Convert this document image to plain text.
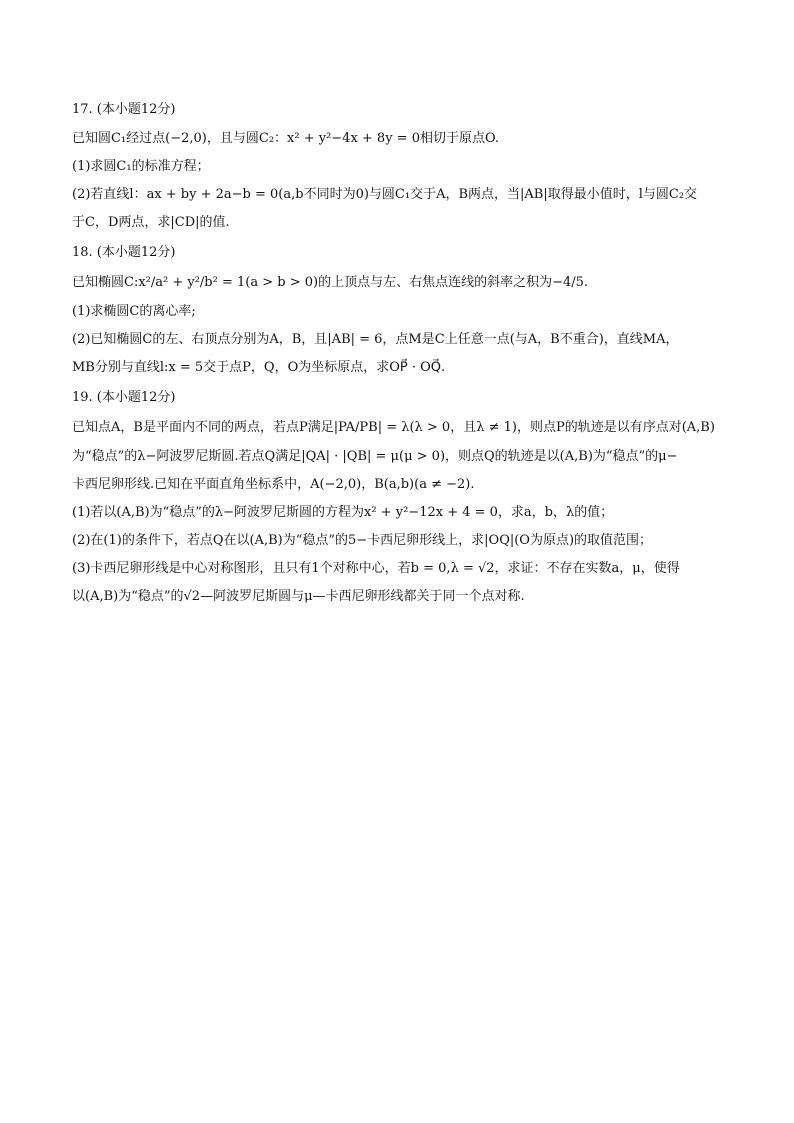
17. (本小题12分)

已知圆C₁经过点(−2,0)，且与圆C₂：x² + y²−4x + 8y = 0相切于原点O.

(1)求圆C₁的标准方程；

(2)若直线l：ax + by + 2a−b = 0(a,b不同时为0)与圆C₁交于A，B两点，当|AB|取得最小值时，l与圆C₂交

于C，D两点，求|CD|的值.

18. (本小题12分)

已知椭圆C:x²/a² + y²/b² = 1(a > b > 0)的上顶点与左、右焦点连线的斜率之积为−4/5.

(1)求椭圆C的离心率;

(2)已知椭圆C的左、右顶点分别为A，B，且|AB| = 6，点M是C上任意一点(与A，B不重合)，直线MA，

MB分别与直线l:x = 5交于点P，Q，O为坐标原点，求OP⃗ · OQ⃗.

19. (本小题12分)

已知点A，B是平面内不同的两点，若点P满足|PA/PB| = λ(λ > 0，且λ ≠ 1)，则点P的轨迹是以有序点对(A,B)

为“稳点”的λ−阿波罗尼斯圆.若点Q满足|QA| · |QB| = μ(μ > 0)，则点Q的轨迹是以(A,B)为“稳点”的μ−

卡西尼卵形线.已知在平面直角坐标系中，A(−2,0)，B(a,b)(a ≠ −2).

(1)若以(A,B)为“稳点”的λ−阿波罗尼斯圆的方程为x² + y²−12x + 4 = 0，求a，b，λ的值；

(2)在(1)的条件下，若点Q在以(A,B)为“稳点”的5−卡西尼卵形线上，求|OQ|(O为原点)的取值范围；

(3)卡西尼卵形线是中心对称图形，且只有1个对称中心，若b = 0,λ = √2，求证：不存在实数a，μ，使得

以(A,B)为“稳点”的√2—阿波罗尼斯圆与μ—卡西尼卵形线都关于同一个点对称.
